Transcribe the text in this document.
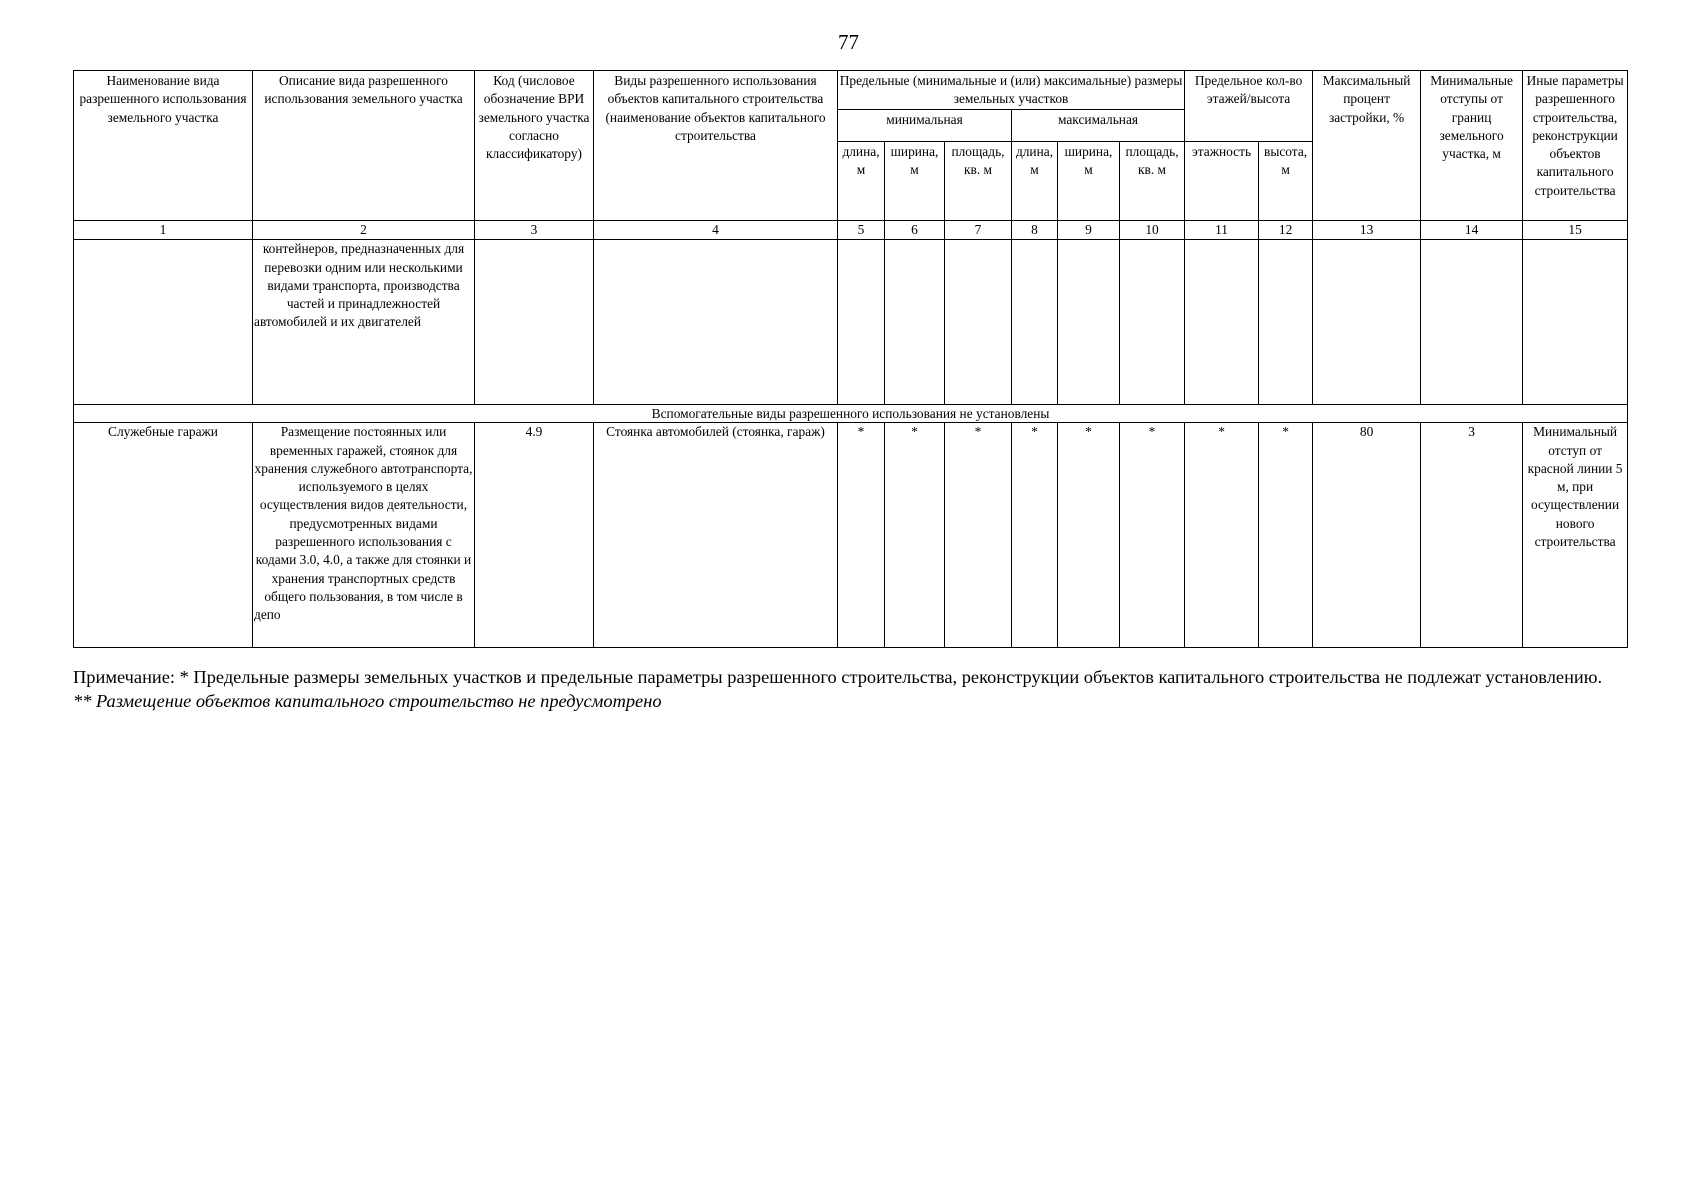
77
Наименование вида разрешенного использования земельного участка	Описание вида разрешенного использования земельного участка	Код (числовое обозначение ВРИ земельного участка согласно классификатору)	Виды разрешенного использования объектов капитального строительства (наименование объектов капитального строительства	Предельные (минимальные и (или) максимальные) размеры земельных участков						Предельное кол-во этажей/высота		Максимальный процент застройки, %	Минимальные отступы от границ земельного участка, м	Иные параметры разрешенного строительства, реконструкции объектов капитального строительства
				минимальная			максимальная							
				длина, м	ширина, м	площадь, кв. м	длина, м	ширина, м	площадь, кв. м	этажность	высота, м			
1	2	3	4	5	6	7	8	9	10	11	12	13	14	15
	контейнеров, предназначенных для перевозки одним или несколькими видами транспорта, производства частей и принадлежностей автомобилей и их двигателей													
Вспомогательные виды разрешенного использования не установлены														
Служебные гаражи	Размещение постоянных или временных гаражей, стоянок для хранения служебного автотранспорта, используемого в целях осуществления видов деятельности, предусмотренных видами разрешенного использования с кодами 3.0, 4.0, а также для стоянки и хранения транспортных средств общего пользования, в том числе в депо	4.9	Стоянка автомобилей (стоянка, гараж)	*	*	*	*	*	*	*	*	80	3	Минимальный отступ от красной линии 5 м, при осуществлении нового строительства

Примечание: * Предельные размеры земельных участков и предельные параметры разрешенного строительства, реконструкции объектов капитального строительства не подлежат установлению.

** Размещение объектов капитального строительство не предусмотрено
